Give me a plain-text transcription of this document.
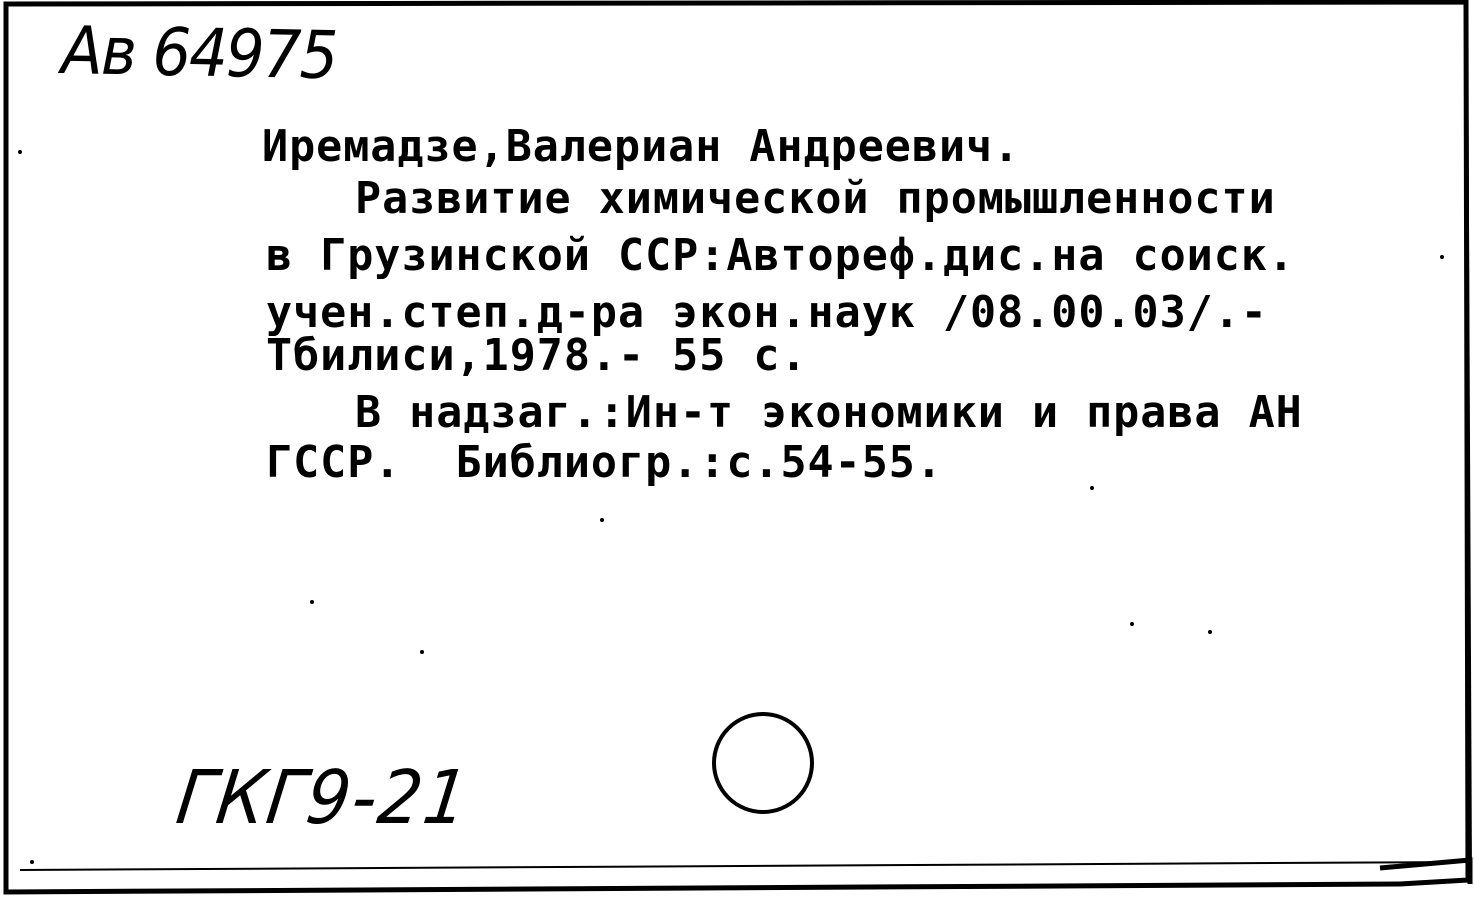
Ав 64975
Иремадзе,Валериан Андреевич.
Развитие химической промышленности
в Грузинской ССР:Автореф.дис.на соиск.
учен.степ.д-ра экон.наук /08.00.03/.-
Тбилиси,1978.- 55 с.
В надзаг.:Ин-т экономики и права АН
ГССР.  Библиогр.:с.54-55.
ГКГ9-21
